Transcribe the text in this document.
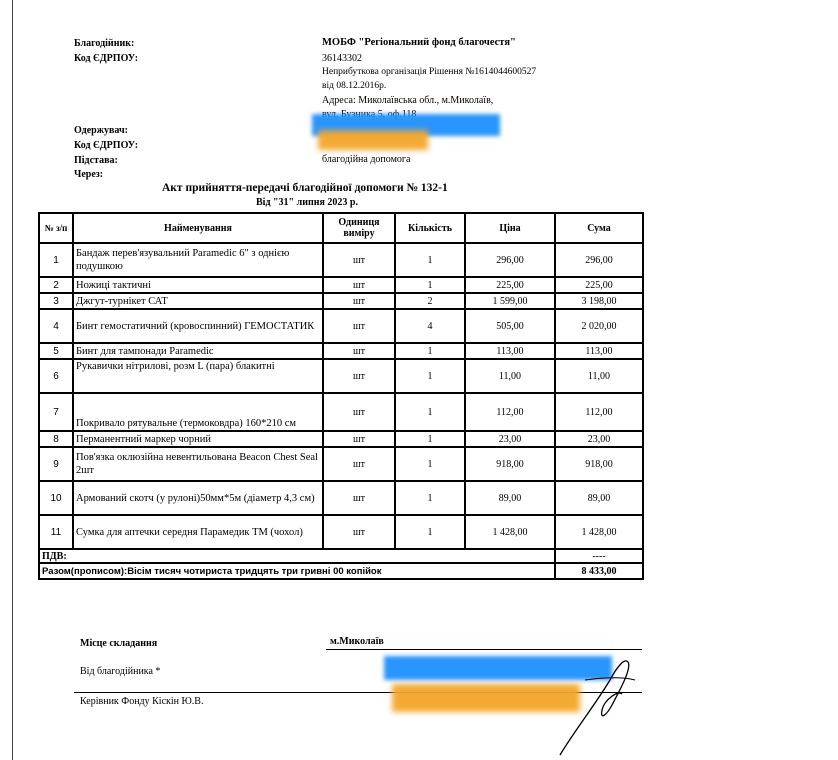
Благодійник:	МОБФ "Регіональний фонд благочестя"
Код ЄДРПОУ:	36143302
Неприбуткова організація Рішення №1614044600527
від 08.12.2016р.
Адреса: Миколаївська обл., м.Миколаїв,
Одержувач:
Код ЄДРПОУ:
Підстава:	благодійна допомога
Через:
Акт прийняття-передачі благодійної допомоги № 132-1
Від "31" липня 2023 р.
№ з/п	Найменування	Одиниця виміру	Кількість	Ціна	Сума
1	Бандаж перев'язувальний Paramedic 6" з однією подушкою	шт	1	296,00	296,00
2	Ножиці тактичні	шт	1	225,00	225,00
3	Джгут-турнікет САТ	шт	2	1 599,00	3 198,00
4	Бинт гемостатичний (кровоспинний) ГЕМОСТАТИК	шт	4	505,00	2 020,00
5	Бинт для тампонади Paramedic	шт	1	113,00	113,00
6	Рукавички нітрилові, розм L (пара) блакитні	шт	1	11,00	11,00
7	Покривало рятувальне (термоковдра) 160*210 см	шт	1	112,00	112,00
8	Перманентний маркер чорний	шт	1	23,00	23,00
9	Пов'язка оклюзійна невентильована Beacon Chest Seal 2шт	шт	1	918,00	918,00
10	Армований скотч (у рулоні)50мм*5м (діаметр 4,3 см)	шт	1	89,00	89,00
11	Сумка для аптечки середня Парамедик ТМ (чохол)	шт	1	1 428,00	1 428,00
ПДВ:					----
Разом(прописом):Вісім тисяч чотириста тридцять три гривні 00 копійок					8 433,00
Місце складання	м.Миколаїв
Від благодійника *
Керівник Фонду Кіскін Ю.В.
